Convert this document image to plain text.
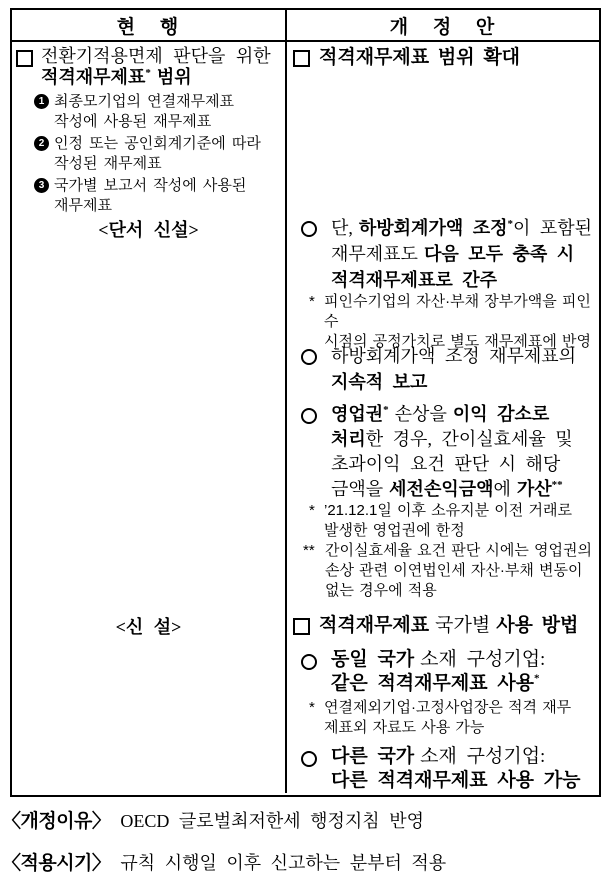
현 행	개 정 안
전환기적용면제 판단을 위한
적격재무제표* 범위
1 최종모기업의 연결재무제표
작성에 사용된 재무제표
2 인정 또는 공인회계기준에 따라
작성된 재무제표
3 국가별 보고서 작성에 사용된
재무제표
<단서 신설>
<신 설>
적격재무제표 범위 확대
단, 하방회계가액 조정*이 포함된
재무제표도 다음 모두 충족 시
적격재무제표로 간주
* 피인수기업의 자산·부채 장부가액을 피인수
시점의 공정가치로 별도 재무제표에 반영
하방회계가액 조정 재무제표의
지속적 보고
영업권* 손상을 이익 감소로
처리한 경우, 간이실효세율 및
초과이익 요건 판단 시 해당
금액을 세전손익금액에 가산**
* ’21.12.1일 이후 소유지분 이전 거래로
발생한 영업권에 한정
** 간이실효세율 요건 판단 시에는 영업권의
손상 관련 이연법인세 자산·부채 변동이
없는 경우에 적용
적격재무제표 국가별 사용 방법
동일 국가 소재 구성기업:
같은 적격재무제표 사용*
* 연결제외기업·고정사업장은 적격 재무
제표외 자료도 사용 가능
다른 국가 소재 구성기업:
다른 적격재무제표 사용 가능
〈개정이유〉 OECD 글로벌최저한세 행정지침 반영
〈적용시기〉 규칙 시행일 이후 신고하는 분부터 적용
